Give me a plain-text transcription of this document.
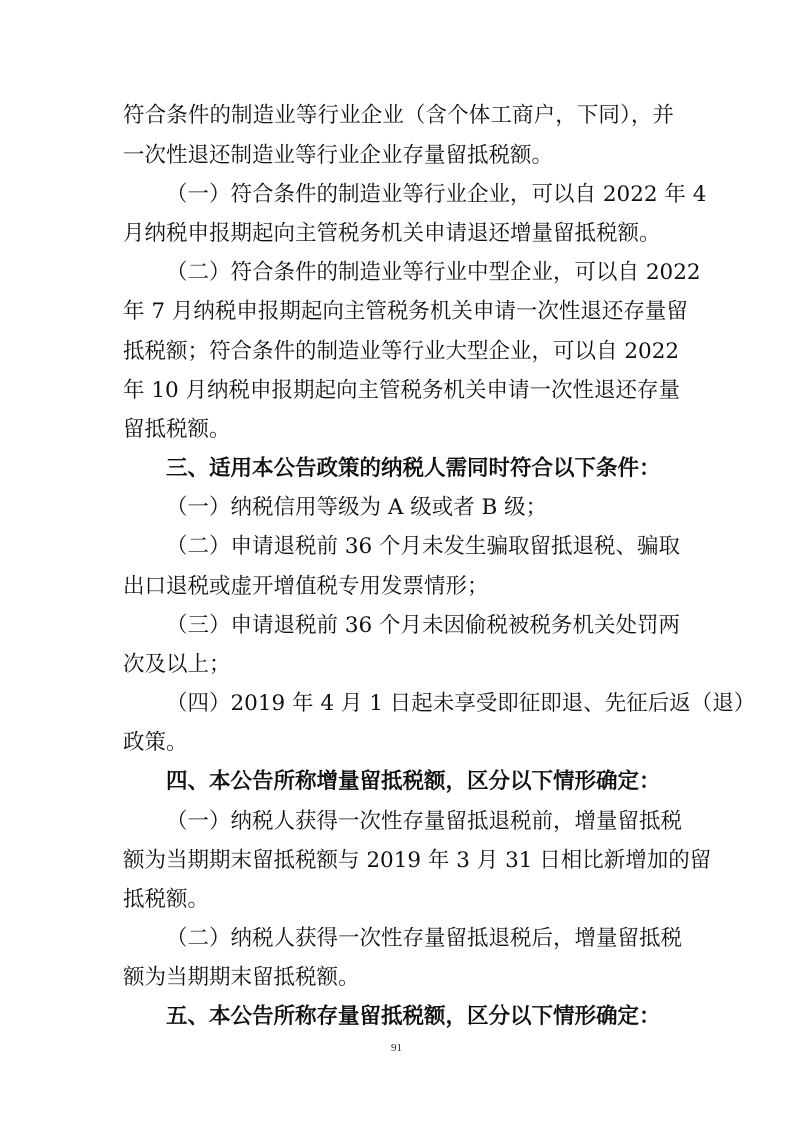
符合条件的制造业等行业企业（含个体工商户，下同），并
一次性退还制造业等行业企业存量留抵税额。
（一）符合条件的制造业等行业企业，可以自 2022 年 4
月纳税申报期起向主管税务机关申请退还增量留抵税额。
（二）符合条件的制造业等行业中型企业，可以自 2022
年 7 月纳税申报期起向主管税务机关申请一次性退还存量留
抵税额；符合条件的制造业等行业大型企业，可以自 2022
年 10 月纳税申报期起向主管税务机关申请一次性退还存量
留抵税额。
三、适用本公告政策的纳税人需同时符合以下条件：
（一）纳税信用等级为 A 级或者 B 级；
（二）申请退税前 36 个月未发生骗取留抵退税、骗取
出口退税或虚开增值税专用发票情形；
（三）申请退税前 36 个月未因偷税被税务机关处罚两
次及以上；
（四）2019 年 4 月 1 日起未享受即征即退、先征后返（退）
政策。
四、本公告所称增量留抵税额，区分以下情形确定：
（一）纳税人获得一次性存量留抵退税前，增量留抵税
额为当期期末留抵税额与 2019 年 3 月 31 日相比新增加的留
抵税额。
（二）纳税人获得一次性存量留抵退税后，增量留抵税
额为当期期末留抵税额。
五、本公告所称存量留抵税额，区分以下情形确定：
91
